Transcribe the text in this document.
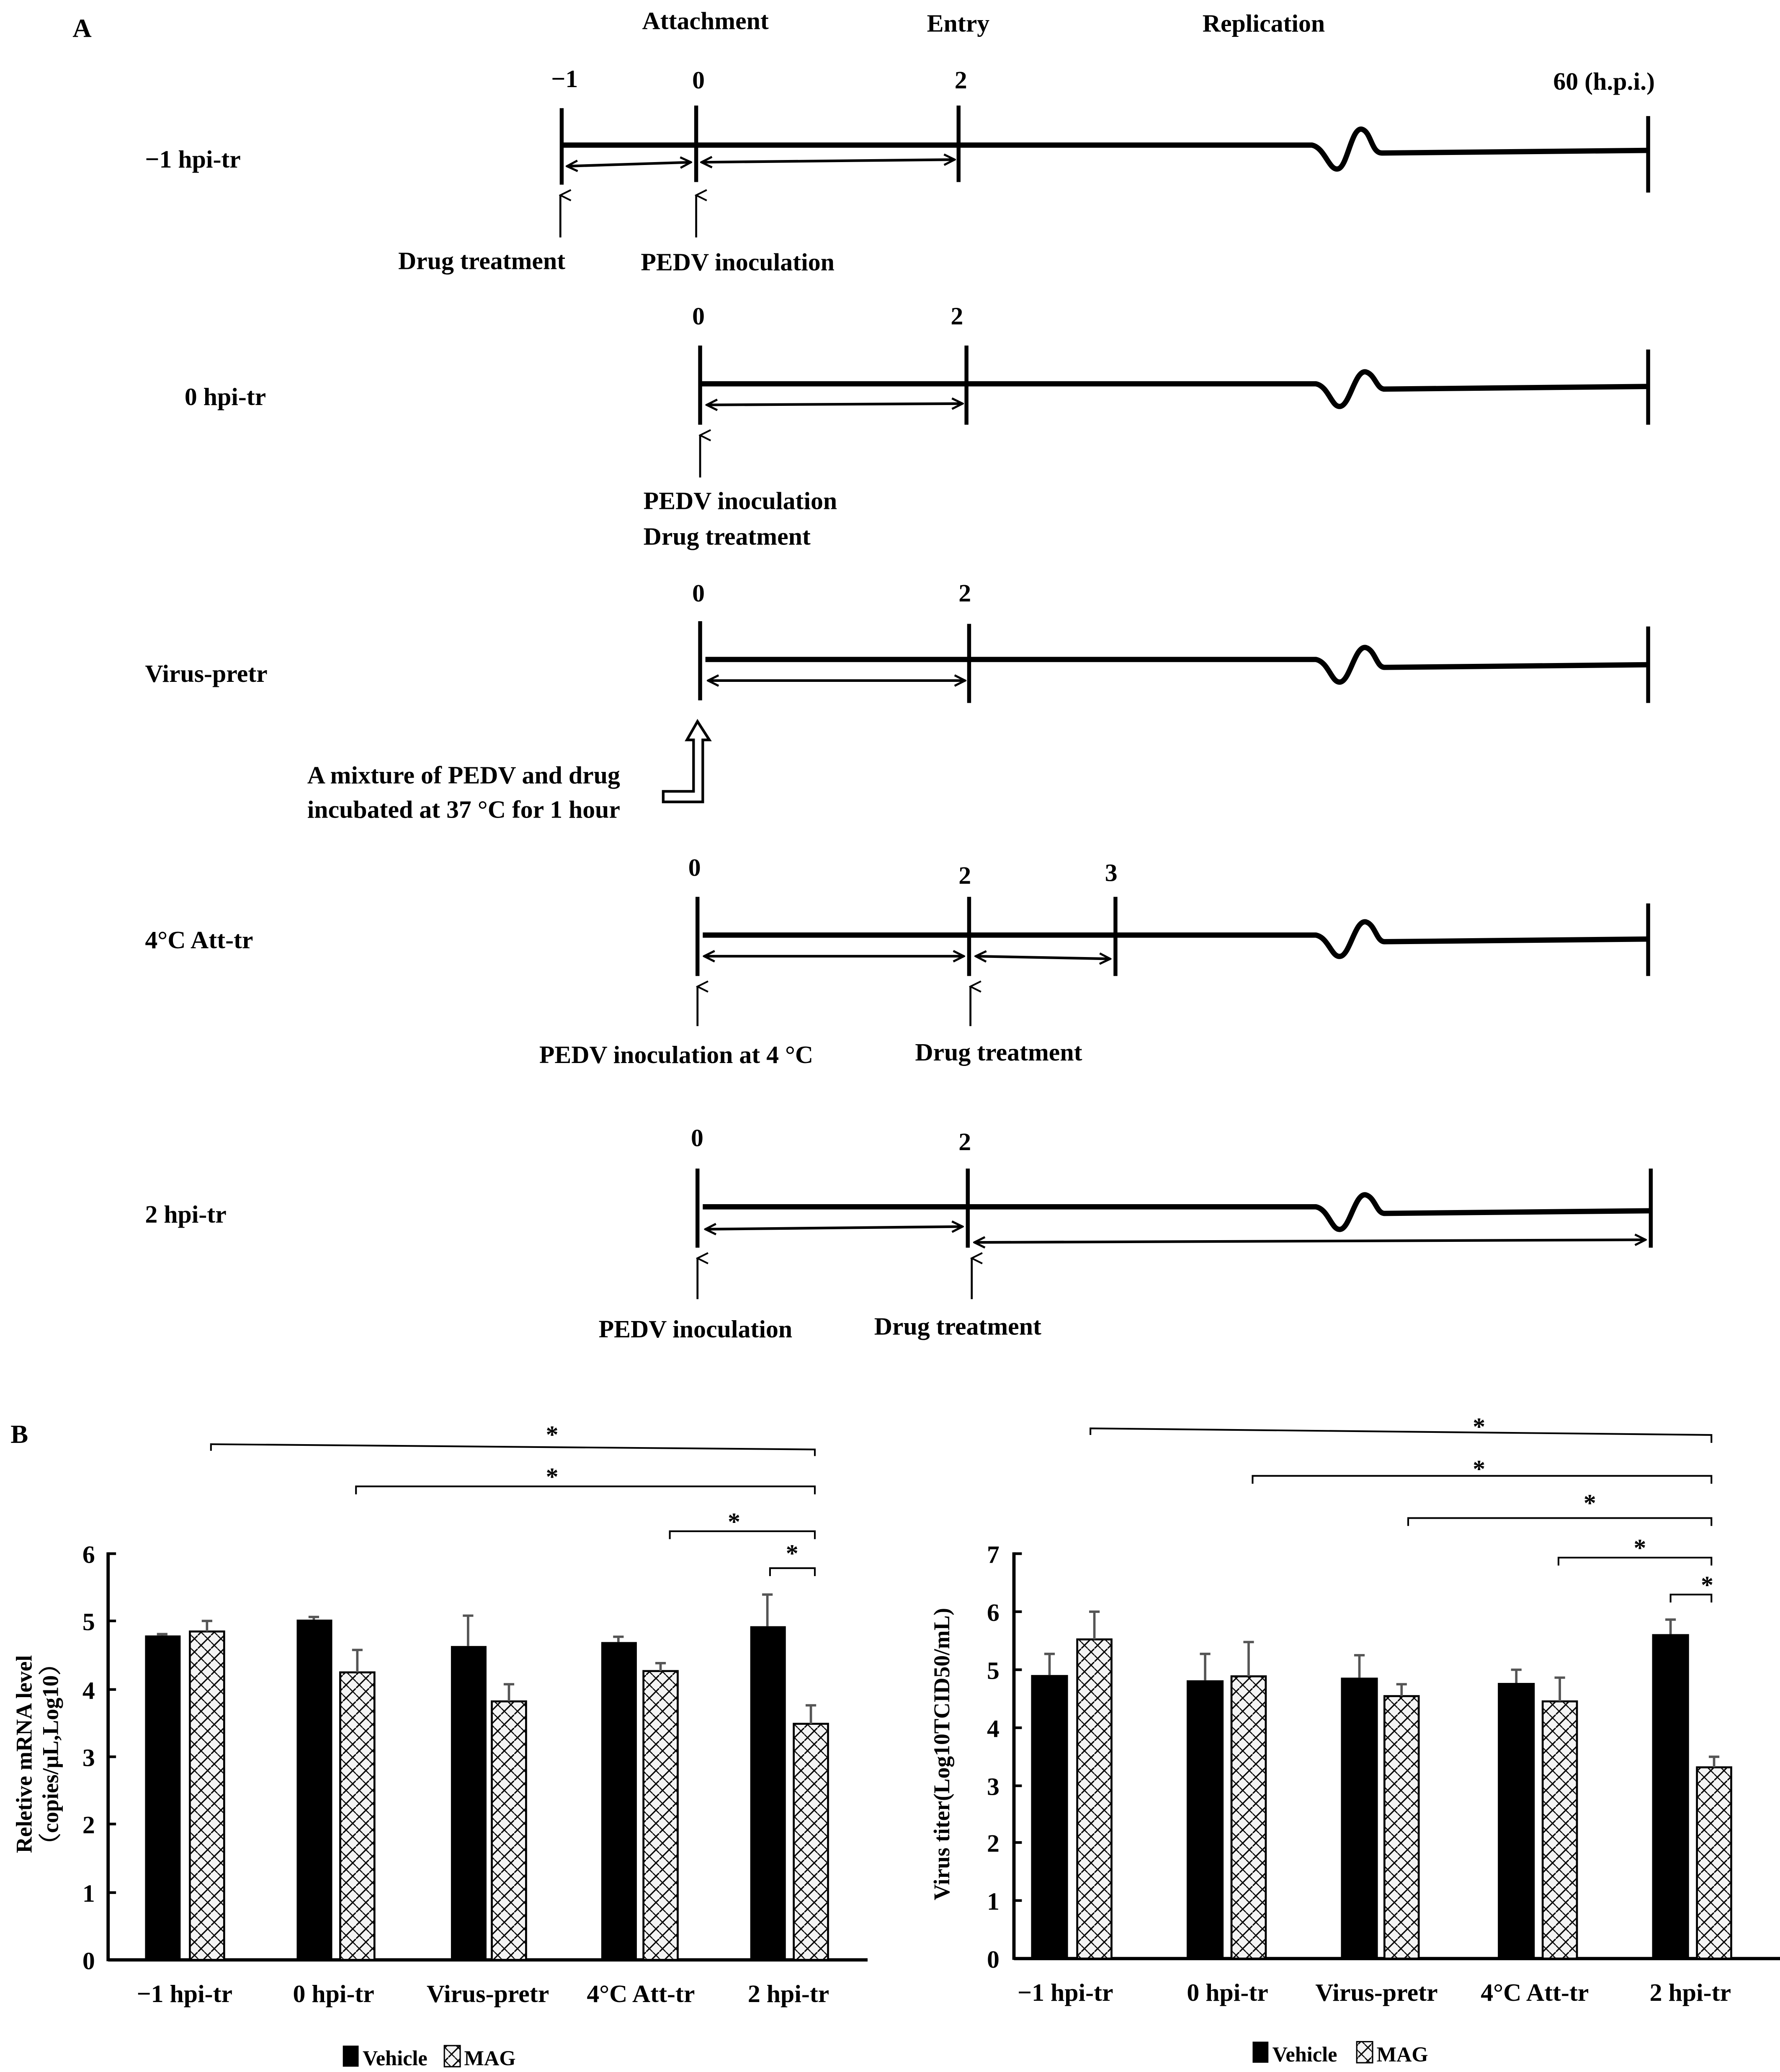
A	Attachment	Entry	Replication
−1	0	2	60 (h.p.i.)
−1 hpi-tr
Drug treatment	PEDV inoculation
0	2
0 hpi-tr
PEDV inoculation
Drug treatment
0	2
Virus-pretr
A mixture of PEDV and drug
incubated at 37 °C for 1 hour
0	2	3
4°C Att-tr
PEDV inoculation at 4 °C	Drug treatment
0	2
2 hpi-tr
PEDV inoculation	Drug treatment
B	*
*
*
*
0
1
2
3
4
5
6
Reletive mRNA level （copies/μL,Log10）
−1 hpi-tr	0 hpi-tr	Virus-pretr	4°C Att-tr	2 hpi-tr
Vehicle	MAG
*
*
*
*
*
0
1
2
3
4
5
6
7
Virus titer(Log10TCID50/mL)
−1 hpi-tr	0 hpi-tr	Virus-pretr	4°C Att-tr	2 hpi-tr
Vehicle	MAG
